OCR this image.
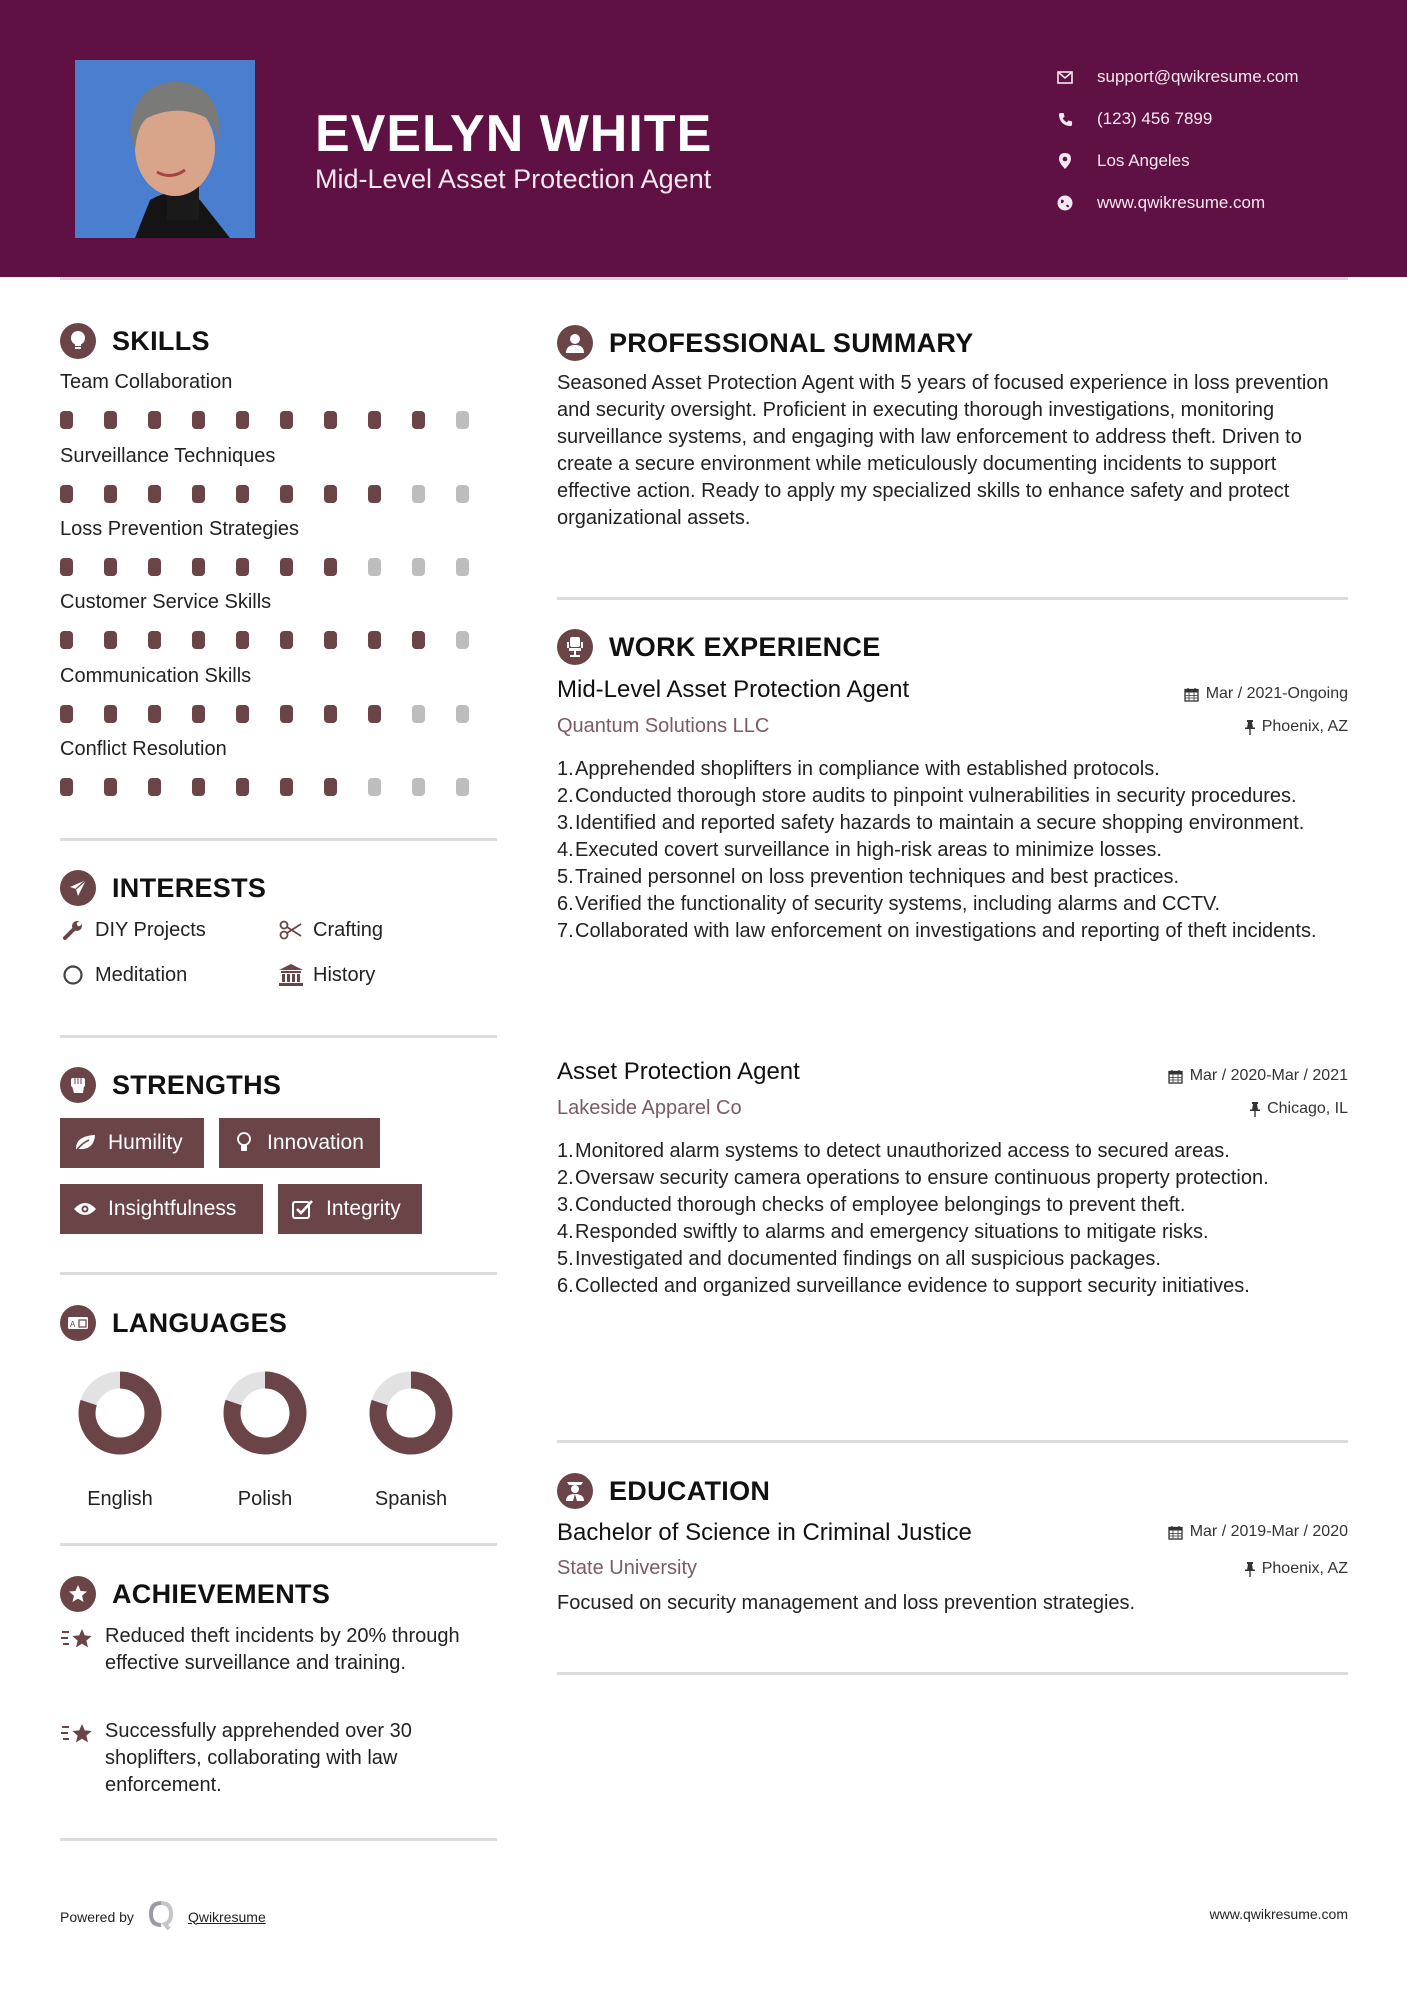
EVELYN WHITE
Mid-Level Asset Protection Agent
support@qwikresume.com
(123) 456 7899
Los Angeles
www.qwikresume.com
SKILLS
Team Collaboration
Surveillance Techniques
Loss Prevention Strategies
Customer Service Skills
Communication Skills
Conflict Resolution
INTERESTS
DIY Projects	Crafting
Meditation	History
STRENGTHS
Humility	Innovation
Insightfulness	Integrity
A LANGUAGES
English	Polish	Spanish
ACHIEVEMENTS
Reduced theft incidents by 20% through effective surveillance and training.
Successfully apprehended over 30 shoplifters, collaborating with law enforcement.
PROFESSIONAL SUMMARY
Seasoned Asset Protection Agent with 5 years of focused experience in loss prevention and security oversight. Proficient in executing thorough investigations, monitoring surveillance systems, and engaging with law enforcement to address theft. Driven to create a secure environment while meticulously documenting incidents to support effective action. Ready to apply my specialized skills to enhance safety and protect organizational assets.
WORK EXPERIENCE
Mid-Level Asset Protection Agent	Mar / 2021-Ongoing
Quantum Solutions LLC	Phoenix, AZ
1. Apprehended shoplifters in compliance with established protocols.
2. Conducted thorough store audits to pinpoint vulnerabilities in security procedures.
3. Identified and reported safety hazards to maintain a secure shopping environment.
4. Executed covert surveillance in high-risk areas to minimize losses.
5. Trained personnel on loss prevention techniques and best practices.
6. Verified the functionality of security systems, including alarms and CCTV.
7. Collaborated with law enforcement on investigations and reporting of theft incidents.
Asset Protection Agent	Mar / 2020-Mar / 2021
Lakeside Apparel Co	Chicago, IL
1. Monitored alarm systems to detect unauthorized access to secured areas.
2. Oversaw security camera operations to ensure continuous property protection.
3. Conducted thorough checks of employee belongings to prevent theft.
4. Responded swiftly to alarms and emergency situations to mitigate risks.
5. Investigated and documented findings on all suspicious packages.
6. Collected and organized surveillance evidence to support security initiatives.
EDUCATION
Bachelor of Science in Criminal Justice	Mar / 2019-Mar / 2020
State University	Phoenix, AZ
Focused on security management and loss prevention strategies.
Powered by	Qwikresume	www.qwikresume.com
